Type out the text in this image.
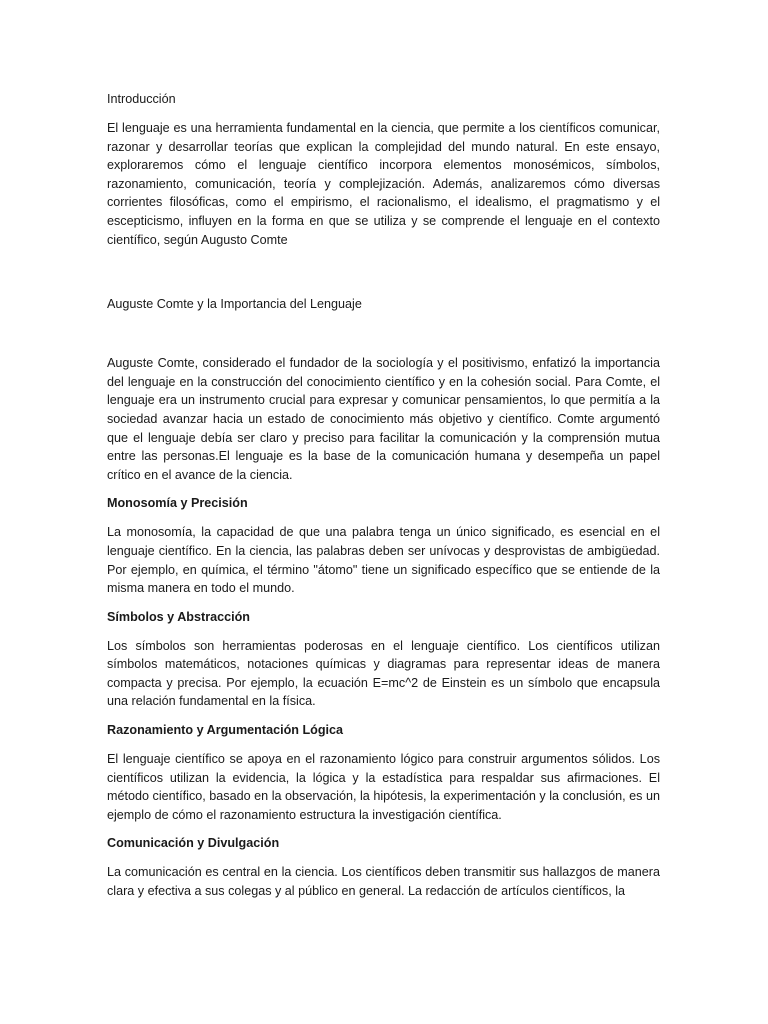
Introducción

El lenguaje es una herramienta fundamental en la ciencia, que permite a los científicos comunicar, razonar y desarrollar teorías que explican la complejidad del mundo natural. En este ensayo, exploraremos cómo el lenguaje científico incorpora elementos monosémicos, símbolos, razonamiento, comunicación, teoría y complejización. Además, analizaremos cómo diversas corrientes filosóficas, como el empirismo, el racionalismo, el idealismo, el pragmatismo y el escepticismo, influyen en la forma en que se utiliza y se comprende el lenguaje en el contexto científico, según Augusto Comte

Auguste Comte y la Importancia del Lenguaje

Auguste Comte, considerado el fundador de la sociología y el positivismo, enfatizó la importancia del lenguaje en la construcción del conocimiento científico y en la cohesión social. Para Comte, el lenguaje era un instrumento crucial para expresar y comunicar pensamientos, lo que permitía a la sociedad avanzar hacia un estado de conocimiento más objetivo y científico. Comte argumentó que el lenguaje debía ser claro y preciso para facilitar la comunicación y la comprensión mutua entre las personas.El lenguaje es la base de la comunicación humana y desempeña un papel crítico en el avance de la ciencia.

Monosomía y Precisión

La monosomía, la capacidad de que una palabra tenga un único significado, es esencial en el lenguaje científico. En la ciencia, las palabras deben ser unívocas y desprovistas de ambigüedad. Por ejemplo, en química, el término "átomo" tiene un significado específico que se entiende de la misma manera en todo el mundo.

Símbolos y Abstracción

Los símbolos son herramientas poderosas en el lenguaje científico. Los científicos utilizan símbolos matemáticos, notaciones químicas y diagramas para representar ideas de manera compacta y precisa. Por ejemplo, la ecuación E=mc^2 de Einstein es un símbolo que encapsula una relación fundamental en la física.

Razonamiento y Argumentación Lógica

El lenguaje científico se apoya en el razonamiento lógico para construir argumentos sólidos. Los científicos utilizan la evidencia, la lógica y la estadística para respaldar sus afirmaciones. El método científico, basado en la observación, la hipótesis, la experimentación y la conclusión, es un ejemplo de cómo el razonamiento estructura la investigación científica.

Comunicación y Divulgación

La comunicación es central en la ciencia. Los científicos deben transmitir sus hallazgos de manera clara y efectiva a sus colegas y al público en general. La redacción de artículos científicos, la
